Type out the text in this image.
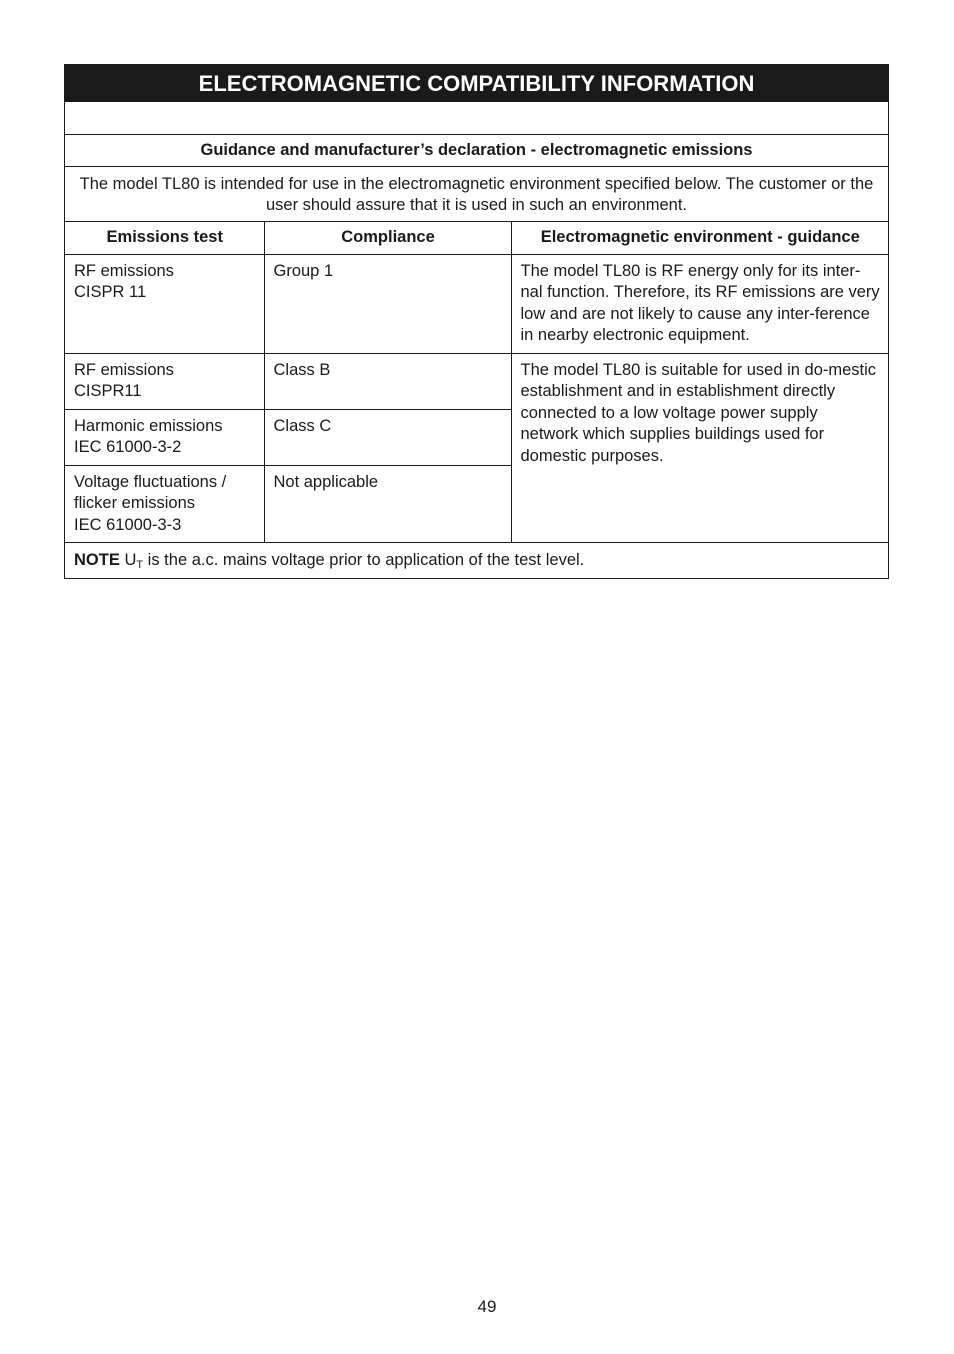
ELECTROMAGNETIC COMPATIBILITY INFORMATION
Guidance and manufacturer’s declaration - electromagnetic emissions
The model TL80 is intended for use in the electromagnetic environment specified below. The customer or the user should assure that it is used in such an environment.
Emissions test	Compliance	Electromagnetic environment - guidance

RF emissions
CISPR 11	Group 1	The model TL80 is RF energy only for its inter-nal function. Therefore, its RF emissions are very low and are not likely to cause any inter-ference in nearby electronic equipment.

RF emissions
CISPR11	Class B	The model TL80 is suitable for used in do-mestic establishment and in establishment directly connected to a low voltage power supply network which supplies buildings used for domestic purposes.

Harmonic emissions
IEC 61000-3-2	Class C	

Voltage fluctuations /
flicker emissions
IEC 61000-3-3	Not applicable	
NOTE UT is the a.c. mains voltage prior to application of the test level.		
49
